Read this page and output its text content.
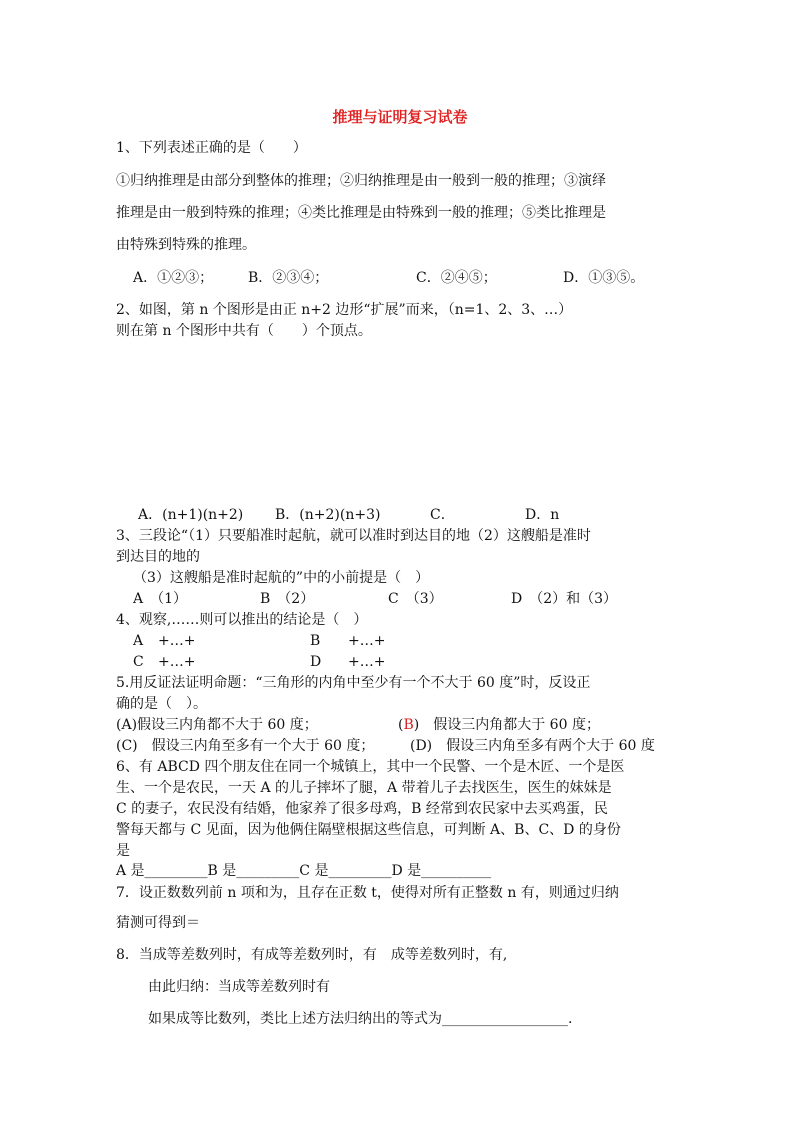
推理与证明复习试卷
1、下列表述正确的是（　　）
①归纳推理是由部分到整体的推理；②归纳推理是由一般到一般的推理；③演绎
推理是由一般到特殊的推理；④类比推理是由特殊到一般的推理；⑤类比推理是
由特殊到特殊的推理。
A．①②③； B．②③④；	C．②④⑤；	D．①③⑤。
2、如图，第 n 个图形是由正 n+2 边形“扩展”而来，（n=1、2、3、…）
则在第 n 个图形中共有（　　）个顶点。
A．(n+1)(n+2) B．(n+2)(n+3)	C．	D．n
3、三段论“（1）只要船准时起航，就可以准时到达目的地（2）这艘船是准时
到达目的地的
（3）这艘船是准时起航的”中的小前提是（　）
A　（1）	B　（2）	C　（3）	D　（2）和（3）
4、观察,……则可以推出的结论是（　）
A +…+	B +…+
C +…+	D +…+
5.用反证法证明命题：“三角形的内角中至少有一个不大于 60 度”时，反设正
确的是（　）。
(A)假设三内角都不大于 60 度；	(B)　 假设三内角都大于 60 度；
(C)　假设三内角至多有一个大于 60 度；	(D)　假设三内角至多有两个大于 60 度
6、有 ABCD 四个朋友住在同一个城镇上，其中一个民警、一个是木匠、一个是医
生、一个是农民，一天 A 的儿子摔坏了腿，A 带着儿子去找医生，医生的妹妹是
C 的妻子，农民没有结婚，他家养了很多母鸡，B 经常到农民家中去买鸡蛋，民
警每天都与 C 见面，因为他俩住隔壁根据这些信息，可判断 A、B、C、D 的身份
是
A 是_________B 是_________C 是_________D 是__________
7．设正数数列前 n 项和为，且存在正数 t，使得对所有正整数 n 有，则通过归纳
猜测可得到＝
8．当成等差数列时，有成等差数列时，有　成等差数列时，有,
由此归纳：当成等差数列时有
如果成等比数列，类比上述方法归纳出的等式为__________________.
